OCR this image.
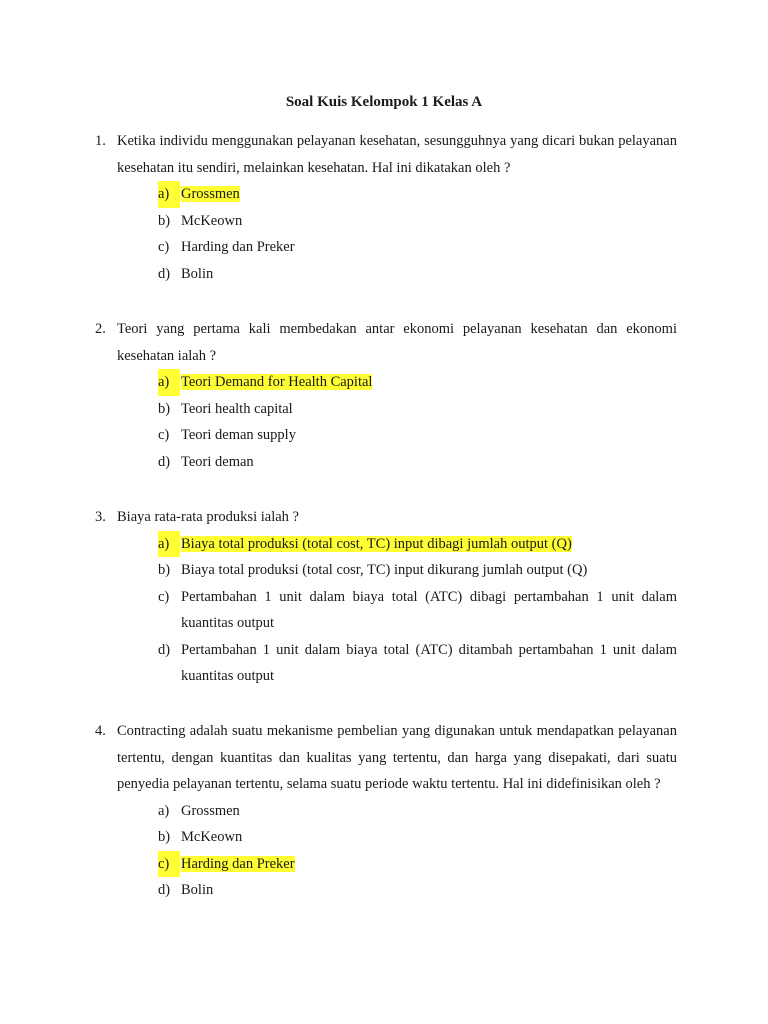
Soal Kuis Kelompok 1 Kelas A
1. Ketika individu menggunakan pelayanan kesehatan, sesungguhnya yang dicari bukan pelayanan kesehatan itu sendiri, melainkan kesehatan. Hal ini dikatakan oleh ?
a) Grossmen
b) McKeown
c) Harding dan Preker
d) Bolin
2. Teori yang pertama kali membedakan antar ekonomi pelayanan kesehatan dan ekonomi kesehatan ialah ?
a) Teori Demand for Health Capital
b) Teori health capital
c) Teori deman supply
d) Teori deman
3. Biaya rata-rata produksi ialah ?
a) Biaya total produksi (total cost, TC) input dibagi jumlah output (Q)
b) Biaya total produksi (total cosr, TC) input dikurang jumlah output (Q)
c) Pertambahan 1 unit dalam biaya total (ATC) dibagi pertambahan 1 unit dalam kuantitas output
d) Pertambahan 1 unit dalam biaya total (ATC) ditambah pertambahan 1 unit dalam kuantitas output
4. Contracting adalah suatu mekanisme pembelian yang digunakan untuk mendapatkan pelayanan tertentu, dengan kuantitas dan kualitas yang tertentu, dan harga yang disepakati, dari suatu penyedia pelayanan tertentu, selama suatu periode waktu tertentu. Hal ini didefinisikan oleh ?
a) Grossmen
b) McKeown
c) Harding dan Preker
d) Bolin
